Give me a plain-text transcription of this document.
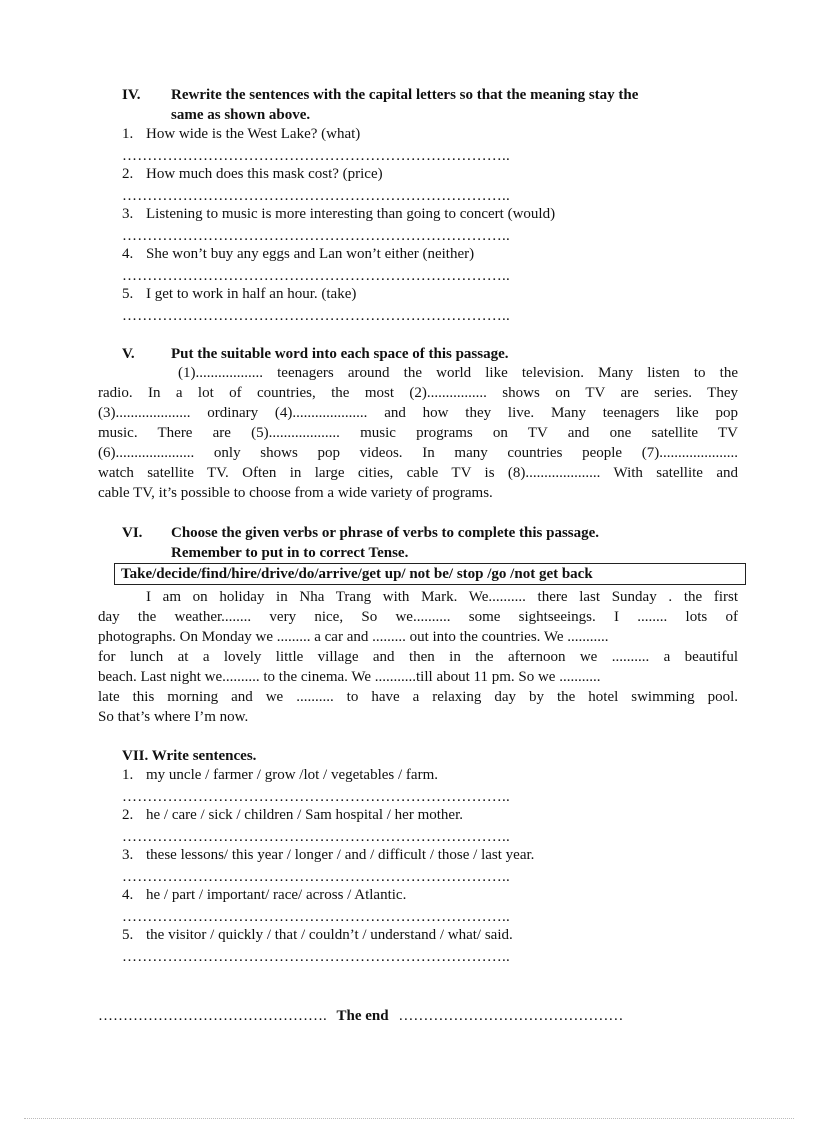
IV. Rewrite the sentences with the capital letters so that the meaning stay the
same as shown above.
1. How wide is the West Lake? (what)
…………………………………………………………………..
2. How much does this mask cost? (price)
…………………………………………………………………..
3. Listening to music is more interesting than going to concert (would)
…………………………………………………………………..
4. She won’t buy any eggs and Lan won’t either (neither)
…………………………………………………………………..
5. I get to work in half an hour. (take)
…………………………………………………………………..
V. Put the suitable word into each space of this passage.
(1).................. teenagers around the world like television. Many listen to the
radio. In a lot of countries, the most (2)................ shows on TV are series. They
(3).................... ordinary (4).................... and how they live. Many teenagers like pop
music. There are (5)................... music programs on TV and one satellite TV
(6)..................... only shows pop videos. In many countries people (7).....................
watch satellite TV. Often in large cities, cable TV is (8).................... With satellite and
cable TV, it’s possible to choose from a wide variety of programs.
VI. Choose the given verbs or phrase of verbs to complete this passage.
Remember to put in to correct Tense.
Take/decide/find/hire/drive/do/arrive/get up/ not be/ stop /go /not get back
I am on holiday in Nha Trang with Mark. We.......... there last Sunday . the first
day the weather........ very nice, So we.......... some sightseeings. I ........ lots of
photographs. On Monday we ......... a car and ......... out into the countries. We ...........
for lunch at a lovely little village and then in the afternoon we .......... a beautiful
beach. Last night we.......... to the cinema. We ...........till about 11 pm. So we ...........
late this morning and we .......... to have a relaxing day by the hotel swimming pool.
So that’s where I’m now.
VII. Write sentences.
1. my uncle / farmer / grow /lot / vegetables / farm.
…………………………………………………………………..
2. he / care / sick / children / Sam hospital / her mother.
…………………………………………………………………..
3. these lessons/ this year / longer / and / difficult / those / last year.
…………………………………………………………………..
4. he / part / important/ race/ across / Atlantic.
…………………………………………………………………..
5. the visitor / quickly / that / couldn’t / understand / what/ said.
…………………………………………………………………..
………………………………………. The end ………………………………………
